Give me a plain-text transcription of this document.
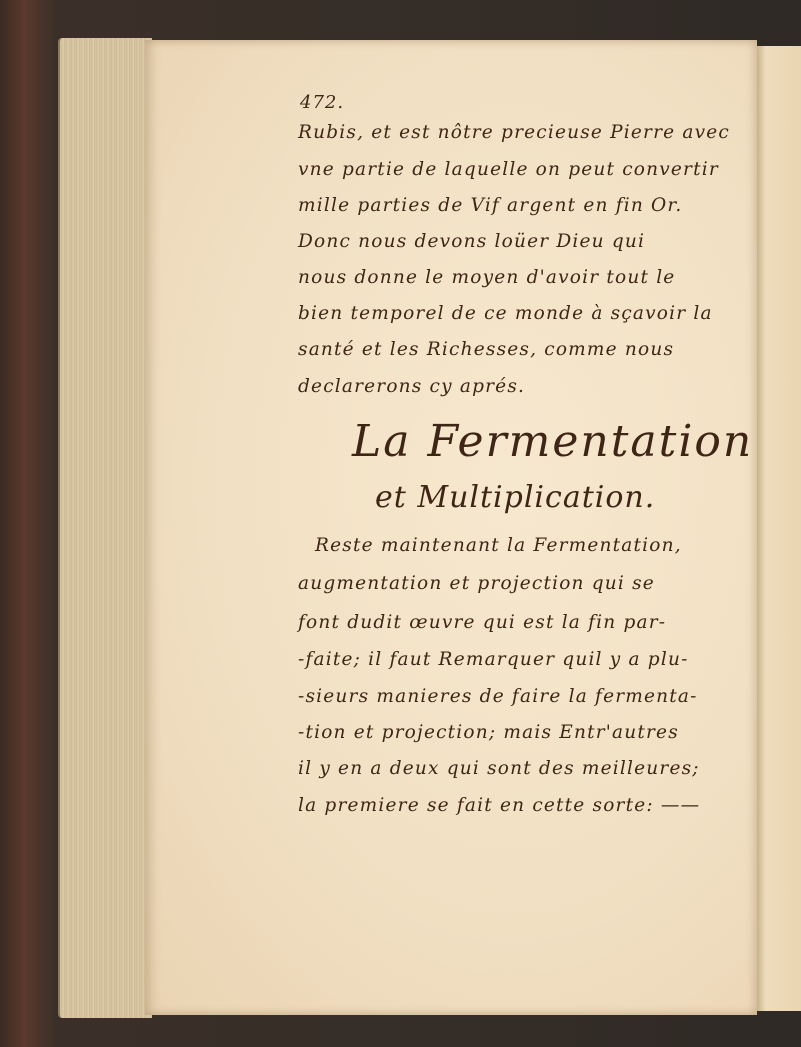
472.

Rubis, et est nôtre precieuse Pierre avec

vne partie de laquelle on peut convertir

mille parties de Vif argent en fin Or.

Donc nous devons loüer Dieu qui

nous donne le moyen d'avoir tout le

bien temporel de ce monde à sçavoir la

santé et les Richesses, comme nous

declarerons cy aprés.

La Fermentation

et Multiplication.

Reste maintenant la Fermentation,

augmentation et projection qui se

font dudit œuvre qui est la fin par-

-faite; il faut Remarquer quil y a plu-

-sieurs manieres de faire la fermenta-

-tion et projection; mais Entr'autres

il y en a deux qui sont des meilleures;

la premiere se fait en cette sorte: ——
